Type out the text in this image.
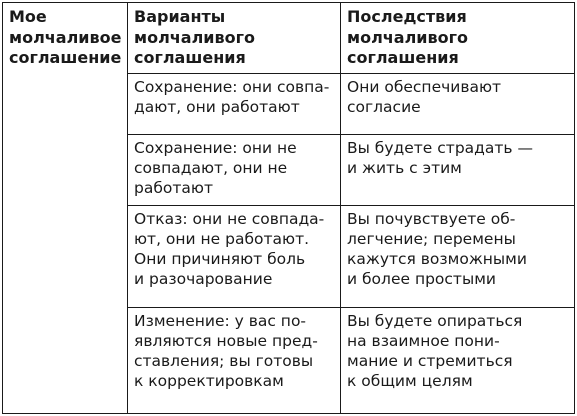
Мое
молчаливое
соглашение	Варианты
молчаливого
соглашения	Последствия
молчаливого
соглашения
	Сохранение: они совпа-
дают, они работают	Они обеспечивают
согласие
	Сохранение: они не
совпадают, они не
работают	Вы будете страдать —
и жить с этим
	Отказ: они не совпада-
ют, они не работают.
Они причиняют боль
и разочарование	Вы почувствуете об-
легчение; перемены
кажутся возможными
и более простыми
	Изменение: у вас по-
являются новые пред-
ставления; вы готовы
к корректировкам	Вы будете опираться
на взаимное пони-
мание и стремиться
к общим целям
